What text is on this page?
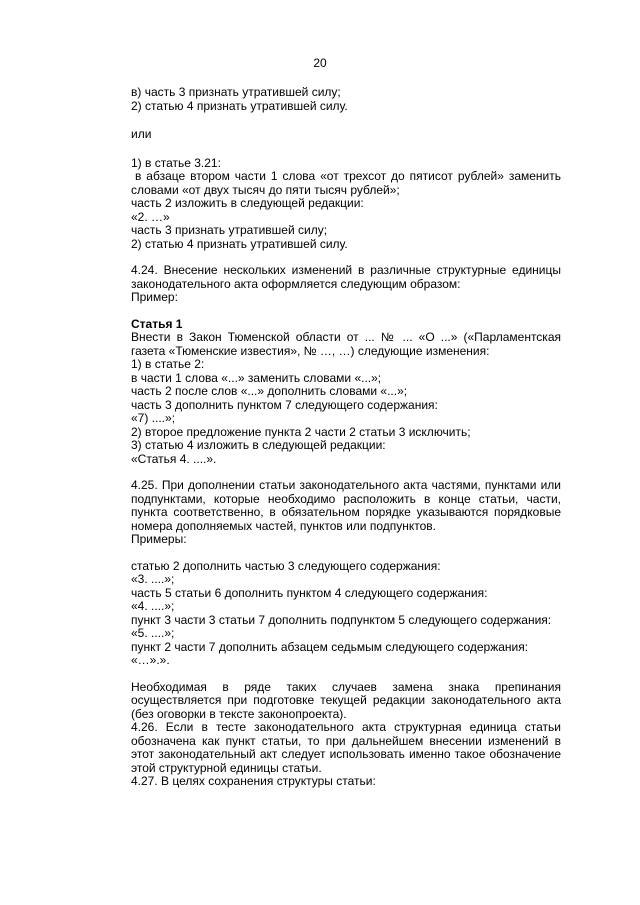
20
в) часть 3 признать утратившей силу;
2) статью 4 признать утратившей силу.
или
1) в статье 3.21:
в абзаце втором части 1 слова «от трехсот до пятисот рублей» заменить словами «от двух тысяч до пяти тысяч рублей»;
часть 2 изложить в следующей редакции:
«2. …»
часть 3 признать утратившей силу;
2) статью 4 признать утратившей силу.
4.24. Внесение нескольких изменений в различные структурные единицы законодательного акта оформляется следующим образом:
Пример:
Статья 1
Внести в Закон Тюменской области от ... № ... «О ...» («Парламентская газета «Тюменские известия», № …, …) следующие изменения:
1) в статье 2:
в части 1 слова «...» заменить словами «...»;
часть 2 после слов «...» дополнить словами «...»;
часть 3 дополнить пунктом 7 следующего содержания:
«7) ....»;
2) второе предложение пункта 2 части 2 статьи 3 исключить;
3) статью 4 изложить в следующей редакции:
«Статья 4. ....».
4.25. При дополнении статьи законодательного акта частями, пунктами или подпунктами, которые необходимо расположить в конце статьи, части, пункта соответственно, в обязательном порядке указываются порядковые номера дополняемых частей, пунктов или подпунктов.
Примеры:
статью 2 дополнить частью 3 следующего содержания:
«3. ....»;
часть 5 статьи 6 дополнить пунктом 4 следующего содержания:
«4. ....»;
пункт 3 части 3 статьи 7 дополнить подпунктом 5 следующего содержания:
«5. ....»;
пункт 2 части 7 дополнить абзацем седьмым следующего содержания:
«…».».
Необходимая в ряде таких случаев замена знака препинания осуществляется при подготовке текущей редакции законодательного акта (без оговорки в тексте законопроекта).
4.26. Если в тесте законодательного акта структурная единица статьи обозначена как пункт статьи, то при дальнейшем внесении изменений в этот законодательный акт следует использовать именно такое обозначение этой структурной единицы статьи.
4.27. В целях сохранения структуры статьи:
